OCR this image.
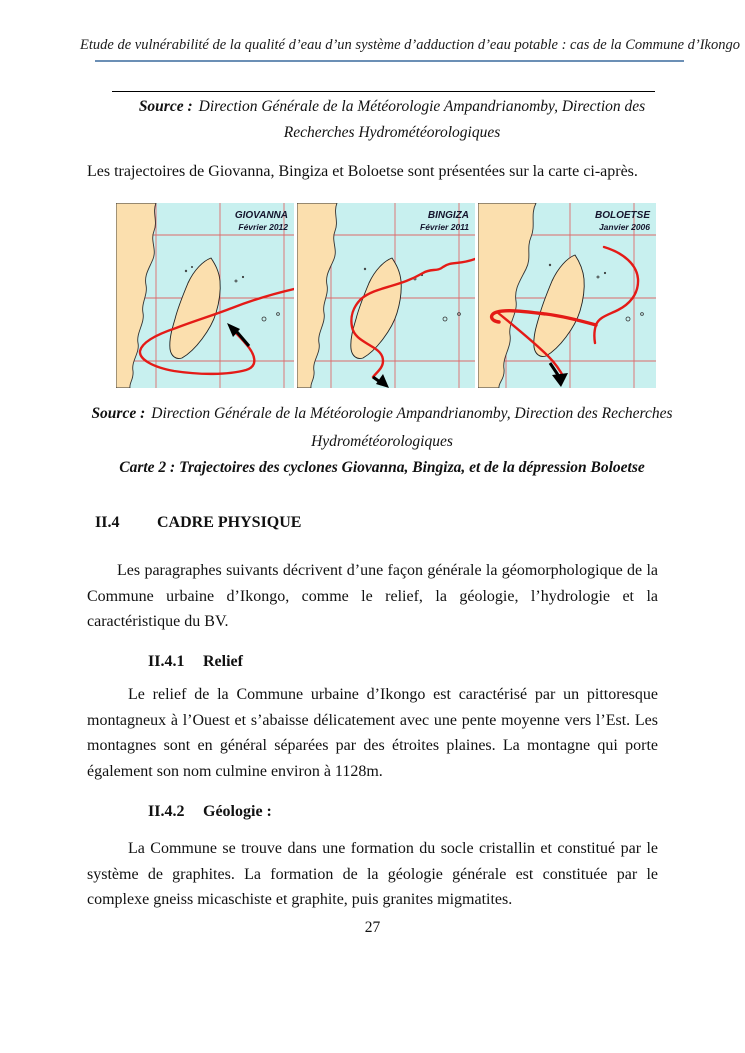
Etude de vulnérabilité de la qualité d’eau d’un système d’adduction d’eau potable : cas de la Commune d’Ikongo
Source : Direction Générale de la Météorologie Ampandrianomby, Direction des
Recherches Hydrométéorologiques
Les trajectoires de Giovanna, Bingiza et Boloetse sont présentées sur la carte ci-après.
GIOVANNA
Février 2012
BINGIZA
Février 2011
BOLOETSE
Janvier 2006
Source : Direction Générale de la Météorologie Ampandrianomby, Direction des Recherches
Hydrométéorologiques
Carte 2 : Trajectoires des cyclones Giovanna, Bingiza, et de la dépression Boloetse
II.4 CADRE PHYSIQUE
Les paragraphes suivants décrivent d’une façon générale la géomorphologique de la Commune urbaine d’Ikongo, comme le relief, la géologie, l’hydrologie et la caractéristique du BV.
II.4.1 Relief
Le relief de la Commune urbaine d’Ikongo est caractérisé par un pittoresque montagneux à l’Ouest et s’abaisse délicatement avec une pente moyenne vers l’Est. Les montagnes sont en général séparées par des étroites plaines. La montagne qui porte également son nom culmine environ à 1128m.
II.4.2 Géologie :
La Commune se trouve dans une formation du socle cristallin et constitué par le système de graphites. La formation de la géologie générale est constituée par le complexe gneiss micaschiste et graphite, puis granites migmatites.
27
